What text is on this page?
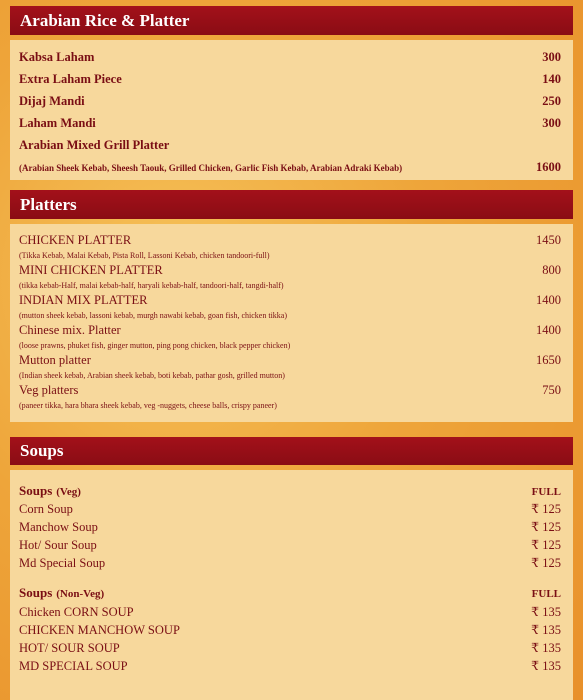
Arabian Rice & Platter
Kabsa Laham	300
Extra Laham Piece	140
Dijaj Mandi	250
Laham Mandi	300
Arabian Mixed Grill Platter
(Arabian Sheek Kebab, Sheesh Taouk, Grilled Chicken, Garlic Fish Kebab, Arabian Adraki Kebab)	1600
Platters
CHICKEN PLATTER	1450
(Tikka Kebab, Malai Kebab, Pista Roll, Lassoni Kebab, chicken tandoori-full)
MINI CHICKEN PLATTER	800
(tikka kebab-Half, malai kebab-half, haryali kebab-half, tandoori-half, tangdi-half)
INDIAN MIX PLATTER	1400
(mutton sheek kebab, lassoni kebab, murgh nawabi kebab, goan fish, chicken tikka)
Chinese mix. Platter	1400
(loose prawns, phuket fish, ginger mutton, ping pong chicken, black pepper chicken)
Mutton platter	1650
(Indian sheek kebab, Arabian sheek kebab, boti kebab, pathar gosh, grilled mutton)
Veg platters	750
(paneer tikka, hara bhara sheek kebab, veg -nuggets, cheese balls, crispy paneer)
Soups
Soups (Veg)	FULL
Corn Soup	₹ 125
Manchow Soup	₹ 125
Hot/ Sour Soup	₹ 125
Md Special Soup	₹ 125
Soups (Non-Veg)	FULL
Chicken CORN SOUP	₹ 135
CHICKEN MANCHOW SOUP	₹ 135
HOT/ SOUR SOUP	₹ 135
MD SPECIAL SOUP	₹ 135
